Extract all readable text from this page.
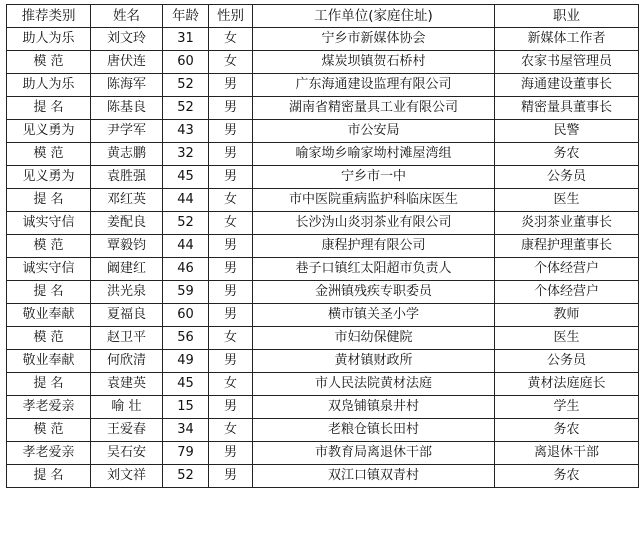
推荐类别	姓名	年龄	性别	工作单位(家庭住址)	职业
助人为乐	刘文玲	31	女	宁乡市新媒体协会	新媒体工作者
模 范	唐伏连	60	女	煤炭坝镇贺石桥村	农家书屋管理员
助人为乐	陈海军	52	男	广东海通建设监理有限公司	海通建设董事长
提 名	陈基良	52	男	湖南省精密量具工业有限公司	精密量具董事长
见义勇为	尹学军	43	男	市公安局	民警
模 范	黄志鹏	32	男	喻家坳乡喻家坳村滩屋湾组	务农
见义勇为	袁胜强	45	男	宁乡市一中	公务员
提 名	邓红英	44	女	市中医院重病监护科临床医生	医生
诚实守信	姜配良	52	女	长沙沩山炎羽茶业有限公司	炎羽茶业董事长
模 范	覃毅钧	44	男	康程护理有限公司	康程护理董事长
诚实守信	阚建红	46	男	巷子口镇红太阳超市负责人	个体经营户
提 名	洪光泉	59	男	金洲镇残疾专职委员	个体经营户
敬业奉献	夏福良	60	男	横市镇关圣小学	教师
模 范	赵卫平	56	女	市妇幼保健院	医生
敬业奉献	何欣清	49	男	黄材镇财政所	公务员
提 名	袁建英	45	女	市人民法院黄材法庭	黄材法庭庭长
孝老爱亲	喻 壮	15	男	双凫铺镇泉井村	学生
模 范	王爱春	34	女	老粮仓镇长田村	务农
孝老爱亲	吴石安	79	男	市教育局离退休干部	离退休干部
提 名	刘文祥	52	男	双江口镇双青村	务农
